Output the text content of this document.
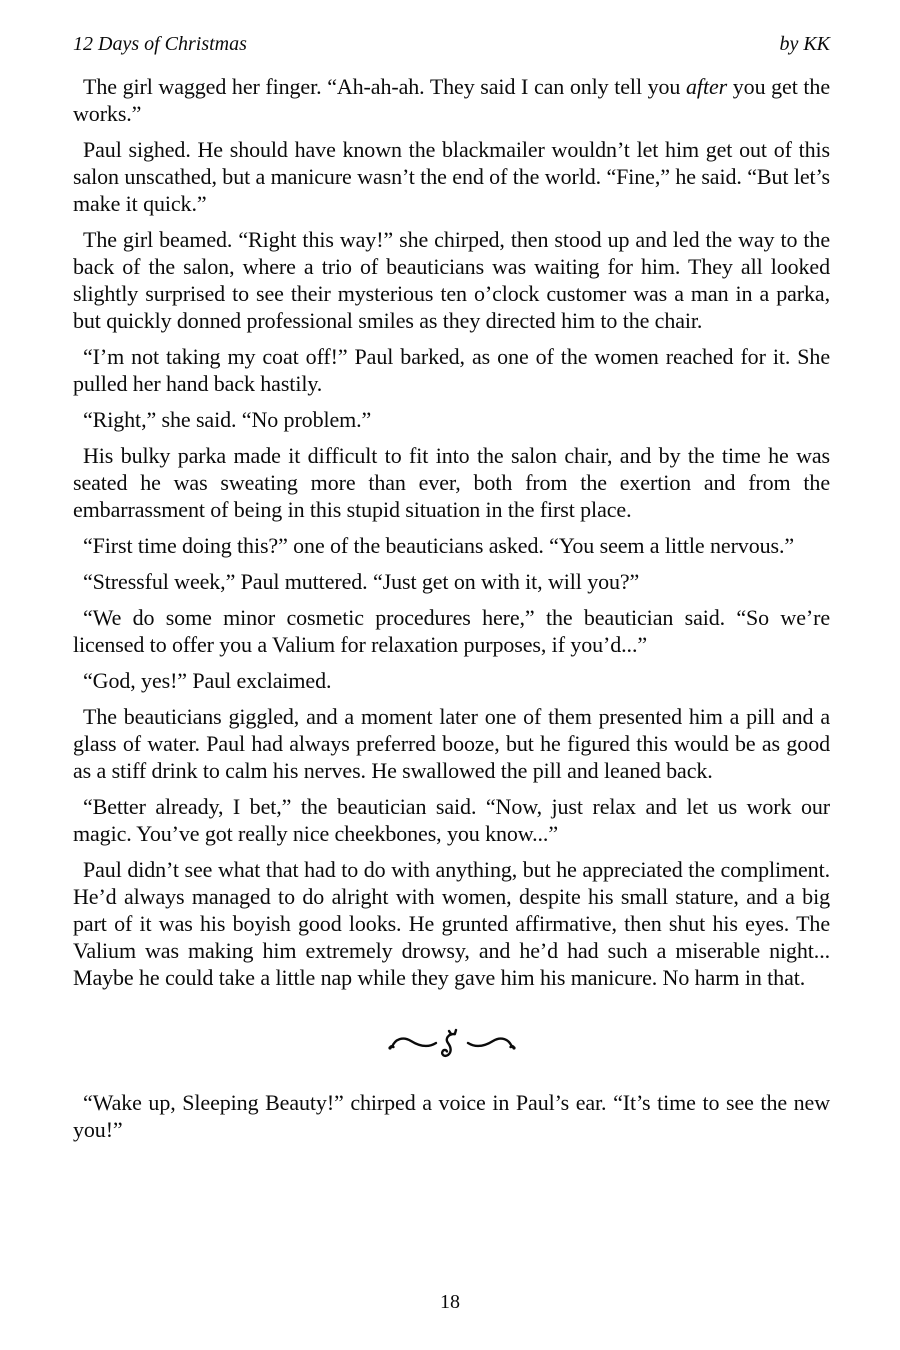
12 Days of Christmas	by KK

The girl wagged her finger. “Ah-ah-ah. They said I can only tell you after you get the works.”

Paul sighed. He should have known the blackmailer wouldn’t let him get out of this salon unscathed, but a manicure wasn’t the end of the world. “Fine,” he said. “But let’s make it quick.”

The girl beamed. “Right this way!” she chirped, then stood up and led the way to the back of the salon, where a trio of beauticians was waiting for him. They all looked slightly surprised to see their mysterious ten o’clock customer was a man in a parka, but quickly donned professional smiles as they directed him to the chair.

“I’m not taking my coat off!” Paul barked, as one of the women reached for it. She pulled her hand back hastily.

“Right,” she said. “No problem.”

His bulky parka made it difficult to fit into the salon chair, and by the time he was seated he was sweating more than ever, both from the exertion and from the embarrassment of being in this stupid situation in the first place.

“First time doing this?” one of the beauticians asked. “You seem a little nervous.”

“Stressful week,” Paul muttered. “Just get on with it, will you?”

“We do some minor cosmetic procedures here,” the beautician said. “So we’re licensed to offer you a Valium for relaxation purposes, if you’d...”

“God, yes!” Paul exclaimed.

The beauticians giggled, and a moment later one of them presented him a pill and a glass of water. Paul had always preferred booze, but he figured this would be as good as a stiff drink to calm his nerves. He swallowed the pill and leaned back.

“Better already, I bet,” the beautician said. “Now, just relax and let us work our magic. You’ve got really nice cheekbones, you know...”

Paul didn’t see what that had to do with anything, but he appreciated the compliment. He’d always managed to do alright with women, despite his small stature, and a big part of it was his boyish good looks. He grunted affirmative, then shut his eyes. The Valium was making him extremely drowsy, and he’d had such a miserable night... Maybe he could take a little nap while they gave him his manicure. No harm in that.

“Wake up, Sleeping Beauty!” chirped a voice in Paul’s ear. “It’s time to see the new you!”

18
